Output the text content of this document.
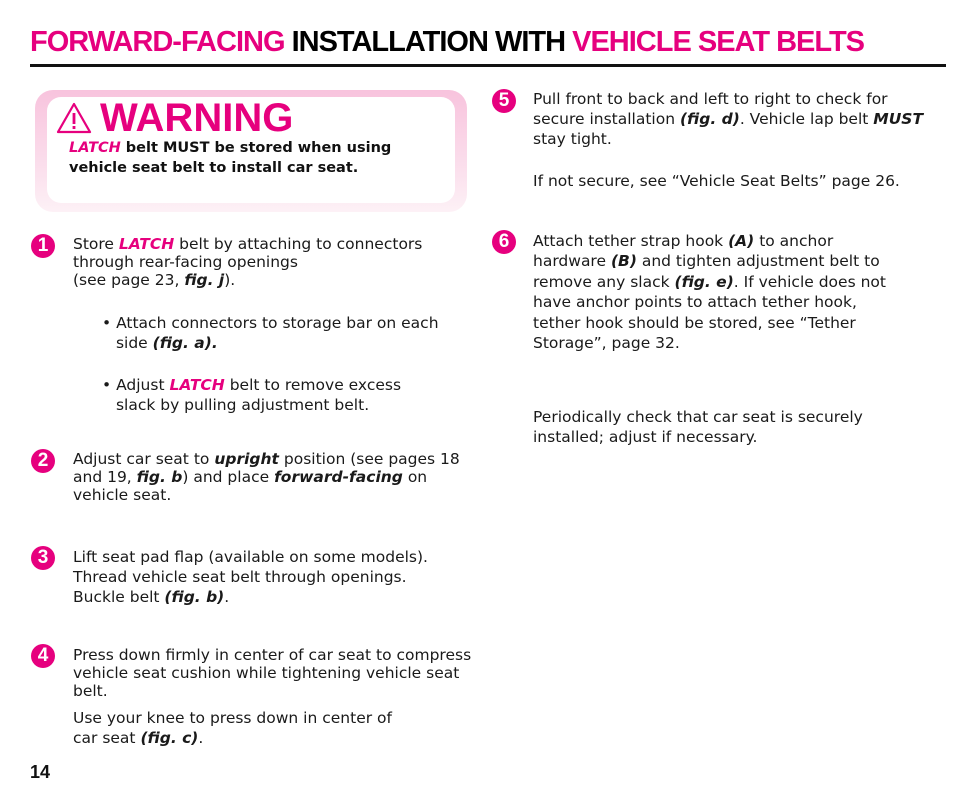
FORWARD-FACING INSTALLATION WITH VEHICLE SEAT BELTS
WARNING
LATCH belt MUST be stored when using vehicle seat belt to install car seat.
1	Store LATCH belt by attaching to connectors through rear-facing openings

(see page 23, fig. j).

• Attach connectors to storage bar on each side (fig. a).
• Adjust LATCH belt to remove excess slack by pulling adjustment belt.
2	Adjust car seat to upright position (see pages 18 and 19, fig. b) and place forward-facing on vehicle seat.
3	Lift seat pad flap (available on some models). Thread vehicle seat belt through openings. Buckle belt (fig. b).
4	Press down firmly in center of car seat to compress vehicle seat cushion while tightening vehicle seat belt.

Use your knee to press down in center of car seat (fig. c).
5	Pull front to back and left to right to check for secure installation (fig. d). Vehicle lap belt MUST stay tight.
If not secure, see “Vehicle Seat Belts” page 26.
6	Attach tether strap hook (A) to anchor hardware (B) and tighten adjustment belt to remove any slack (fig. e). If vehicle does not have anchor points to attach tether hook, tether hook should be stored, see “Tether Storage”, page 32.
Periodically check that car seat is securely installed; adjust if necessary.
14
